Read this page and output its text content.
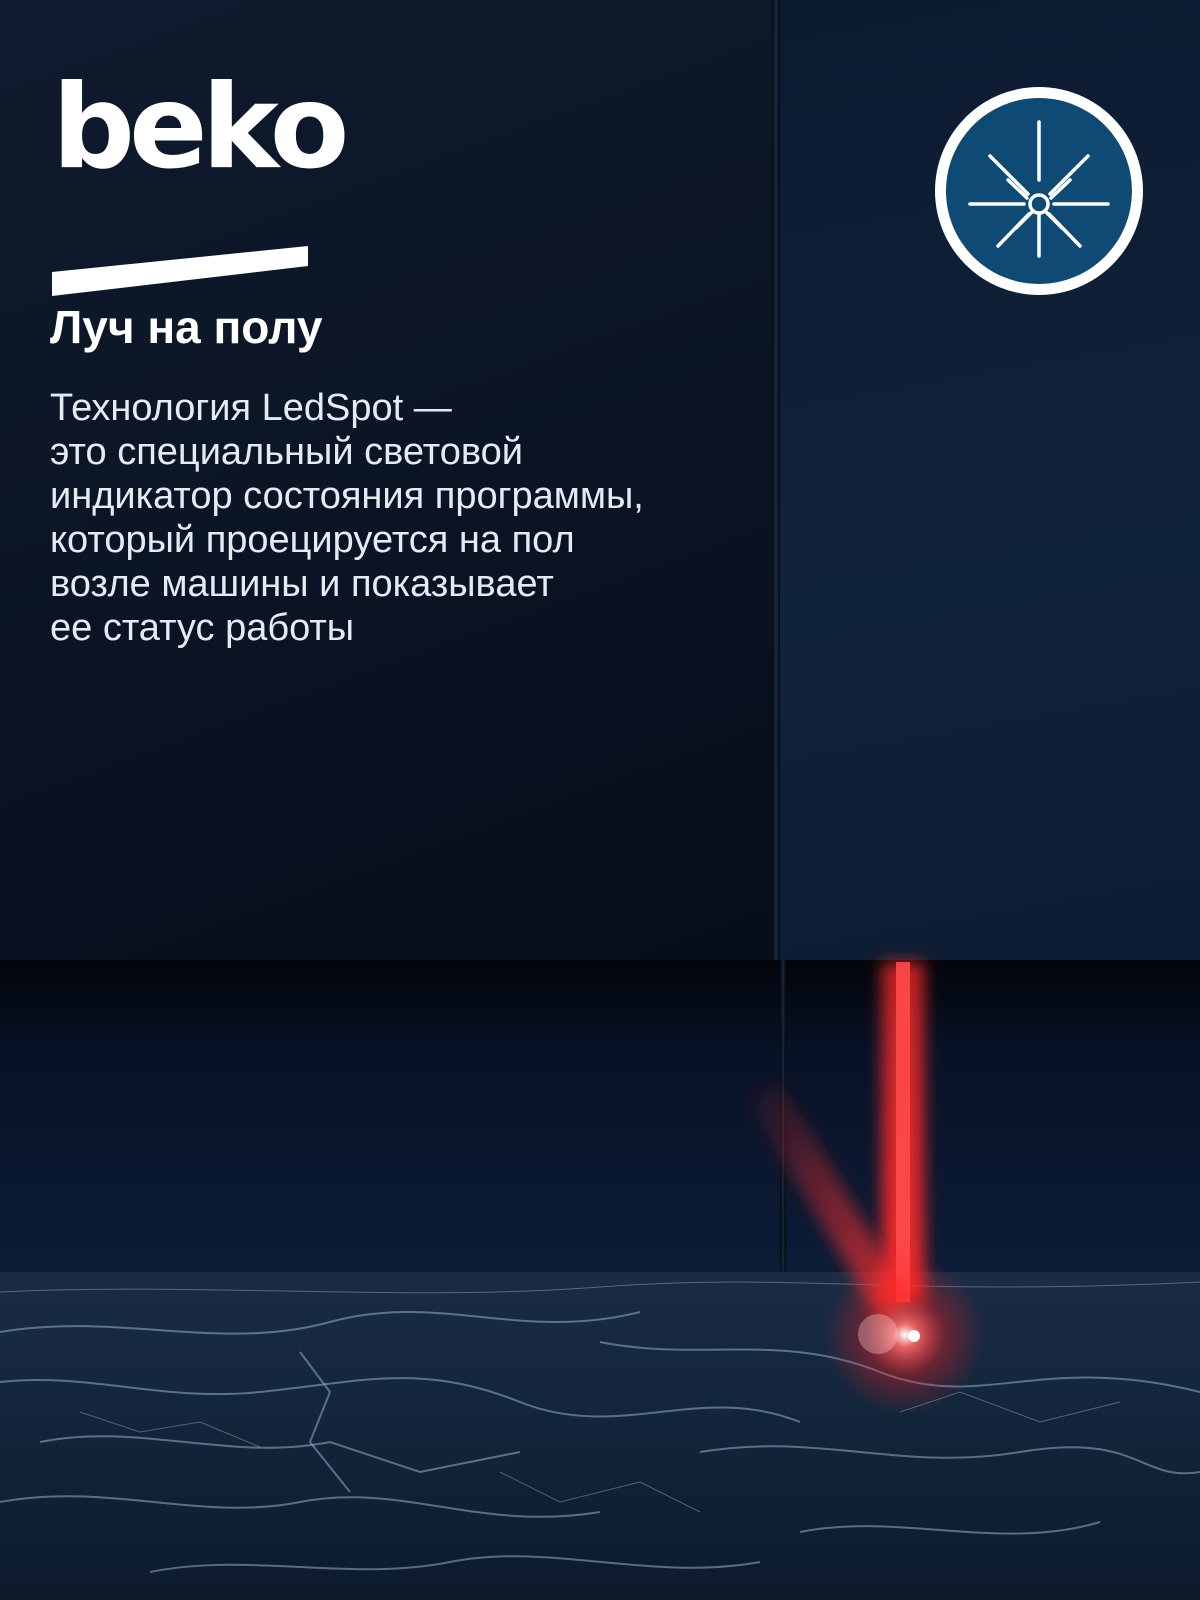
beko
Луч на полу

Технология LedSpot —
это специальный световой
индикатор состояния программы,
который проецируется на пол
возле машины и показывает
ее статус работы
